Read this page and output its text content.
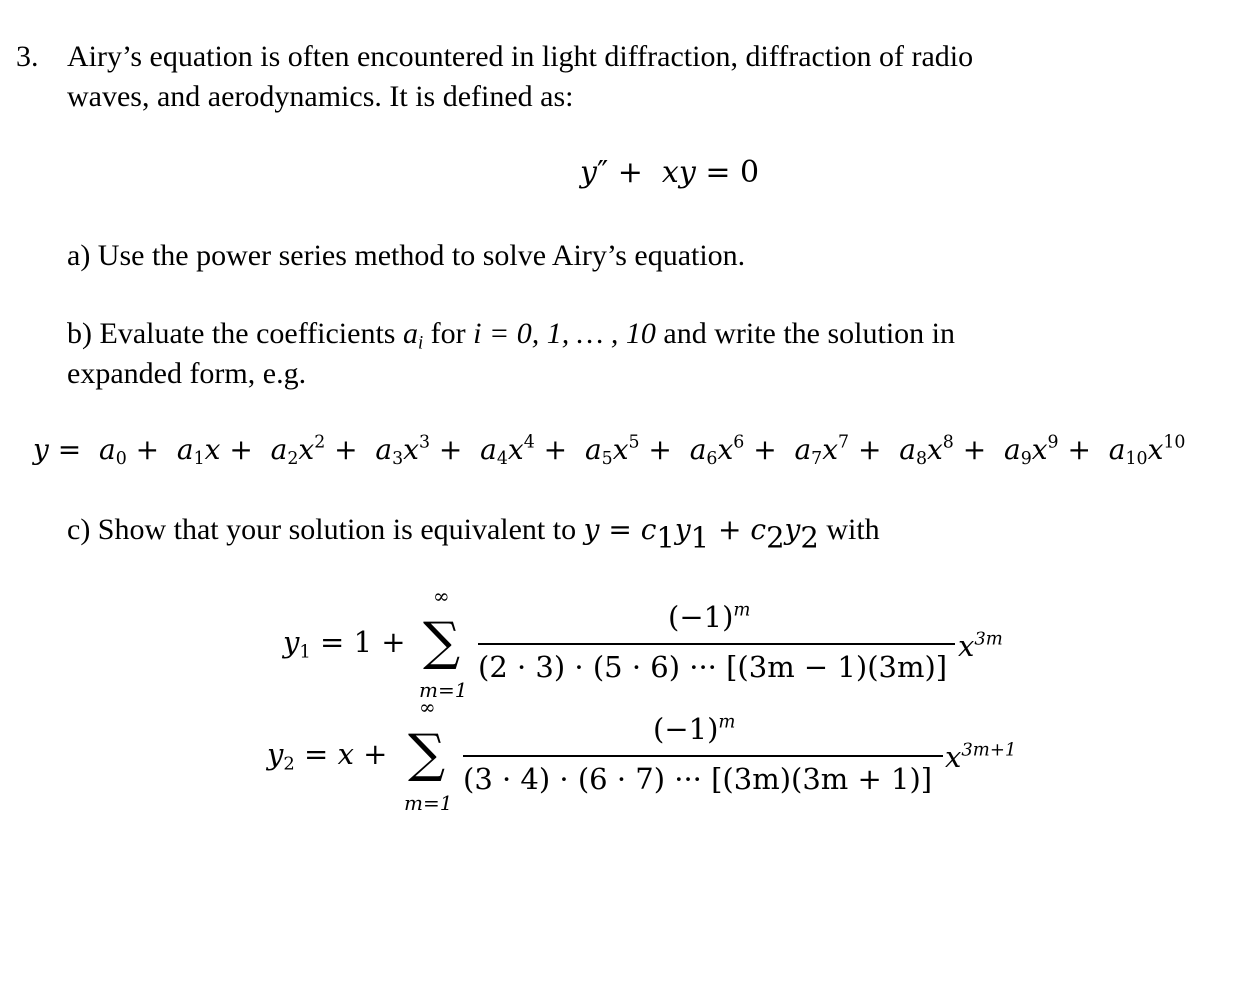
3. Airy’s equation is often encountered in light diffraction, diffraction of radio
waves, and aerodynamics. It is defined as:
y″ +  xy = 0
a) Use the power series method to solve Airy’s equation.
b) Evaluate the coefficients $a_i$ for i = 0, 1, … , 10 and write the solution in
expanded form, e.g.
$y = a_0 + a_1x + a_2x^2 + a_3x^3 + a_4x^4 + a_5x^5 + a_6x^6 + a_7x^7 + a_8x^8 + a_9x^9 + a_{10}x^{10}$
c) Show that your solution is equivalent to $y = c_1y_1 + c_2y_2$ with
$y_1 = 1$ +
∞
∑
m=1
$(-1)^m$
(2 · 3) · (5 · 6) ··· [(3m − 1)(3m)]
$x^{3m}$
$y_2 = x$ +
∞
∑
m=1
$(-1)^m$
(3 · 4) · (6 · 7) ··· [(3m)(3m + 1)]
$x^{3m+1}$
